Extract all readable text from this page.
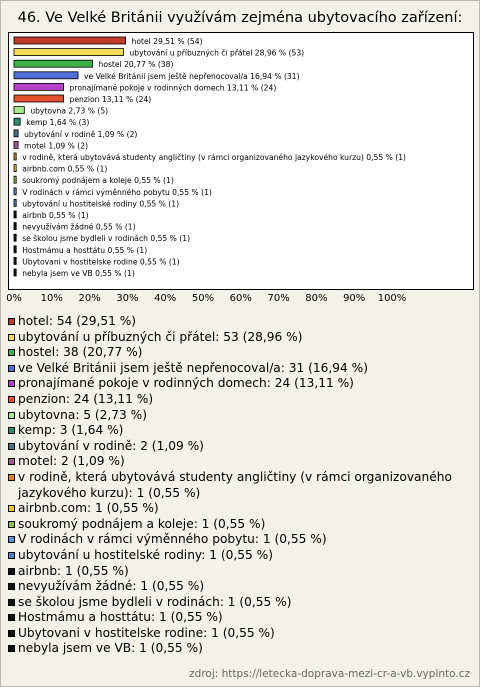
46. Ve Velké Británii využívám zejména ubytovacího zařízení:
hotel 29,51 % (54)
ubytování u příbuzných či přátel 28,96 % (53)
hostel 20,77 % (38)
ve Velké Británii jsem ještě nepřenocoval/a 16,94 % (31)
pronajímané pokoje v rodinných domech 13,11 % (24)
penzion 13,11 % (24)
ubytovna 2,73 % (5)
kemp 1,64 % (3)
ubytování v rodině 1,09 % (2)
motel 1,09 % (2)
v rodině, která ubytovává studenty angličtiny (v rámci organizovaného jazykového kurzu) 0,55 % (1)
airbnb.com 0,55 % (1)
soukromý podnájem a koleje 0,55 % (1)
V rodinách v rámci výměnného pobytu 0,55 % (1)
ubytování u hostitelské rodiny 0,55 % (1)
airbnb 0,55 % (1)
nevyužívám žádné 0,55 % (1)
se školou jsme bydleli v rodinách 0,55 % (1)
Hostmámu a hosttátu 0,55 % (1)
Ubytovani v hostitelske rodine 0,55 % (1)
nebyla jsem ve VB 0,55 % (1)
0% 10% 20% 30% 40% 50% 60% 70% 80% 90% 100%
hotel: 54 (29,51 %)
ubytování u příbuzných či přátel: 53 (28,96 %)
hostel: 38 (20,77 %)
ve Velké Británii jsem ještě nepřenocoval/a: 31 (16,94 %)
pronajímané pokoje v rodinných domech: 24 (13,11 %)
penzion: 24 (13,11 %)
ubytovna: 5 (2,73 %)
kemp: 3 (1,64 %)
ubytování v rodině: 2 (1,09 %)
motel: 2 (1,09 %)
v rodině, která ubytovává studenty angličtiny (v rámci organizovaného jazykového kurzu): 1 (0,55 %)
airbnb.com: 1 (0,55 %)
soukromý podnájem a koleje: 1 (0,55 %)
V rodinách v rámci výměnného pobytu: 1 (0,55 %)
ubytování u hostitelské rodiny: 1 (0,55 %)
airbnb: 1 (0,55 %)
nevyužívám žádné: 1 (0,55 %)
se školou jsme bydleli v rodinách: 1 (0,55 %)
Hostmámu a hosttátu: 1 (0,55 %)
Ubytovani v hostitelske rodine: 1 (0,55 %)
nebyla jsem ve VB: 1 (0,55 %)
zdroj: https://letecka-doprava-mezi-cr-a-vb.vyplnto.cz
